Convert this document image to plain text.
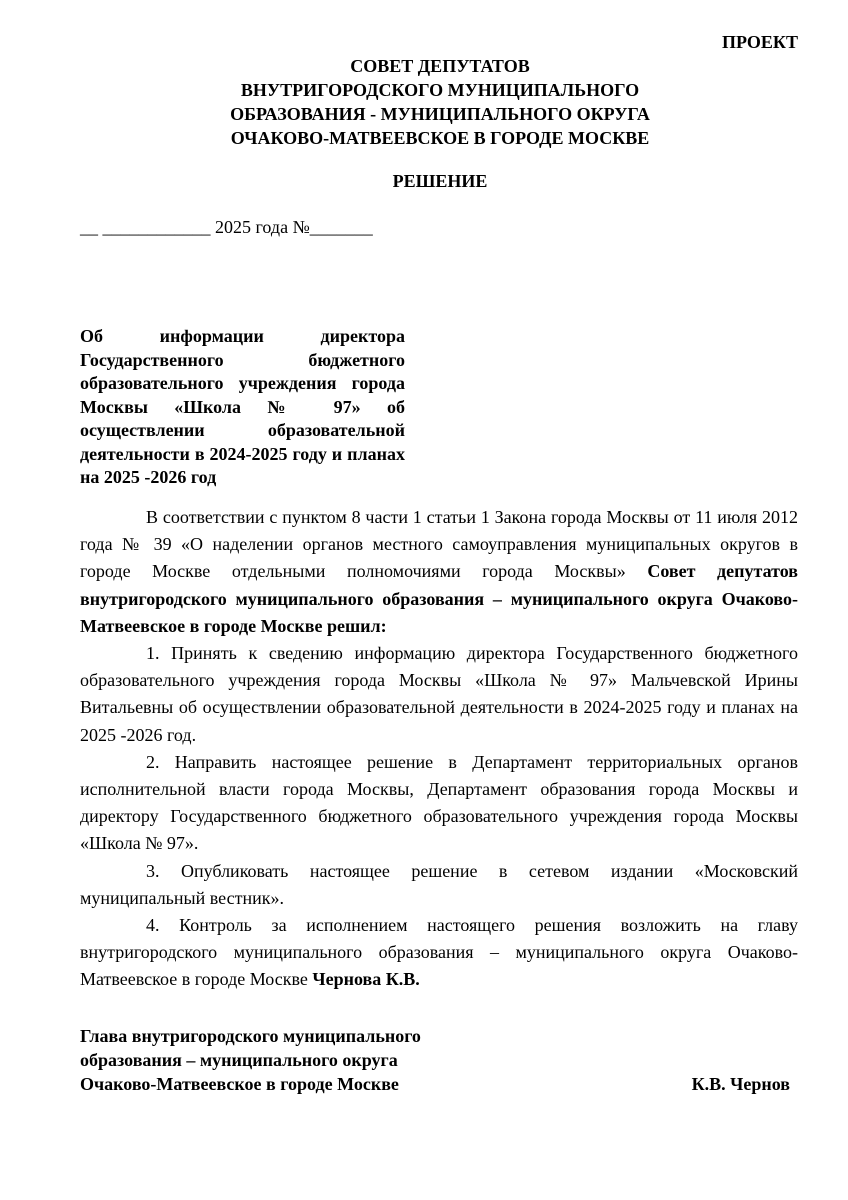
ПРОЕКТ
СОВЕТ ДЕПУТАТОВ
ВНУТРИГОРОДСКОГО МУНИЦИПАЛЬНОГО
ОБРАЗОВАНИЯ - МУНИЦИПАЛЬНОГО ОКРУГА
ОЧАКОВО-МАТВЕЕВСКОЕ В ГОРОДЕ МОСКВЕ
РЕШЕНИЕ
__ ____________ 2025 года №_______
Об информации директора Государственного бюджетного образовательного учреждения города Москвы «Школа № 97» об осуществлении образовательной деятельности в 2024-2025 году и планах на 2025 -2026 год

В соответствии с пунктом 8 части 1 статьи 1 Закона города Москвы от 11 июля 2012 года № 39 «О наделении органов местного самоуправления муниципальных округов в городе Москве отдельными полномочиями города Москвы» Совет депутатов внутригородского муниципального образования – муниципального округа Очаково-Матвеевское в городе Москве решил:

1. Принять к сведению информацию директора Государственного бюджетного образовательного учреждения города Москвы «Школа № 97» Мальчевской Ирины Витальевны об осуществлении образовательной деятельности в 2024-2025 году и планах на 2025 -2026 год.

2. Направить настоящее решение в Департамент территориальных органов исполнительной власти города Москвы, Департамент образования города Москвы и директору Государственного бюджетного образовательного учреждения города Москвы «Школа № 97».

3. Опубликовать настоящее решение в сетевом издании «Московский муниципальный вестник».

4. Контроль за исполнением настоящего решения возложить на главу внутригородского муниципального образования – муниципального округа Очаково-Матвеевское в городе Москве Чернова К.В.

Глава внутригородского муниципального
образования – муниципального округа
Очаково-Матвеевское в городе Москве	К.В. Чернов
